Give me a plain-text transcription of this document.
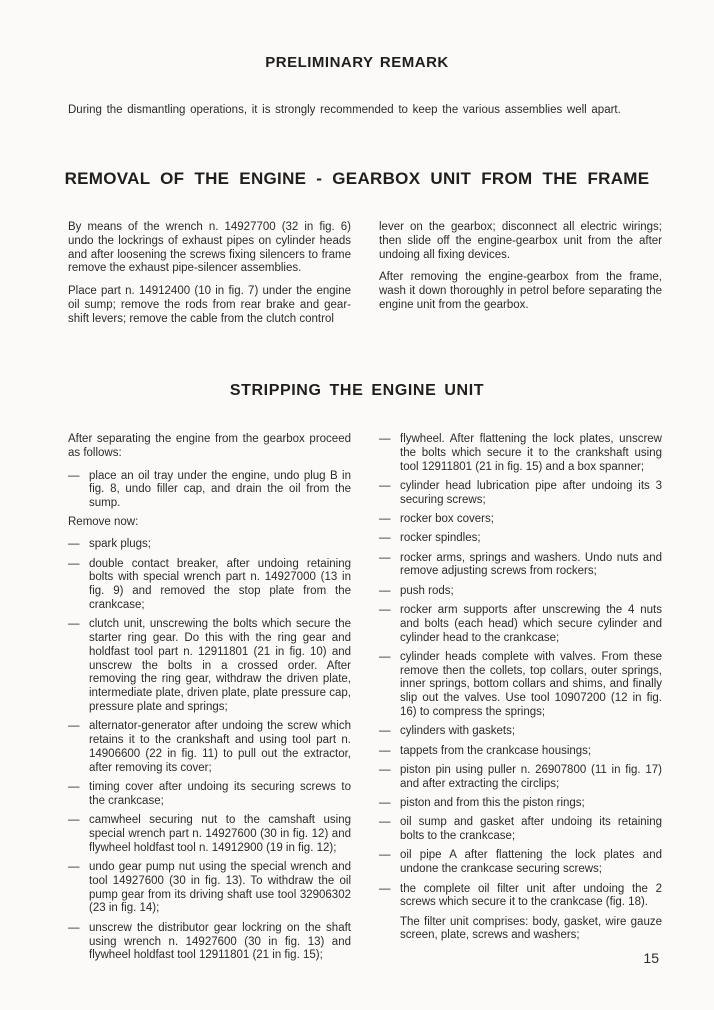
PRELIMINARY REMARK
During the dismantling operations, it is strongly recommended to keep the various assemblies well apart.
REMOVAL OF THE ENGINE - GEARBOX UNIT FROM THE FRAME

By means of the wrench n. 14927700 (32 in fig. 6) undo the lockrings of exhaust pipes on cylinder heads and after loosening the screws fixing silencers to frame remove the exhaust pipe-silencer assemblies.

Place part n. 14912400 (10 in fig. 7) under the engine oil sump; remove the rods from rear brake and gear-shift levers; remove the cable from the clutch control

lever on the gearbox; disconnect all electric wirings; then slide off the engine-gearbox unit from the after undoing all fixing devices.

After removing the engine-gearbox from the frame, wash it down thoroughly in petrol before separating the engine unit from the gearbox.

STRIPPING THE ENGINE UNIT

After separating the engine from the gearbox proceed as follows:

— place an oil tray under the engine, undo plug B in fig. 8, undo filler cap, and drain the oil from the sump.

Remove now:

— spark plugs;
— double contact breaker, after undoing retaining bolts with special wrench part n. 14927000 (13 in fig. 9) and removed the stop plate from the crankcase;
— clutch unit, unscrewing the bolts which secure the starter ring gear. Do this with the ring gear and holdfast tool part n. 12911801 (21 in fig. 10) and unscrew the bolts in a crossed order. After removing the ring gear, withdraw the driven plate, intermediate plate, driven plate, plate pressure cap, pressure plate and springs;
— alternator-generator after undoing the screw which retains it to the crankshaft and using tool part n. 14906600 (22 in fig. 11) to pull out the extractor, after removing its cover;
— timing cover after undoing its securing screws to the crankcase;
— camwheel securing nut to the camshaft using special wrench part n. 14927600 (30 in fig. 12) and flywheel holdfast tool n. 14912900 (19 in fig. 12);
— undo gear pump nut using the special wrench and tool 14927600 (30 in fig. 13). To withdraw the oil pump gear from its driving shaft use tool 32906302 (23 in fig. 14);
— unscrew the distributor gear lockring on the shaft using wrench n. 14927600 (30 in fig. 13) and flywheel holdfast tool 12911801 (21 in fig. 15);
— flywheel. After flattening the lock plates, unscrew the bolts which secure it to the crankshaft using tool 12911801 (21 in fig. 15) and a box spanner;
— cylinder head lubrication pipe after undoing its 3 securing screws;
— rocker box covers;
— rocker spindles;
— rocker arms, springs and washers. Undo nuts and remove adjusting screws from rockers;
— push rods;
— rocker arm supports after unscrewing the 4 nuts and bolts (each head) which secure cylinder and cylinder head to the crankcase;
— cylinder heads complete with valves. From these remove then the collets, top collars, outer springs, inner springs, bottom collars and shims, and finally slip out the valves. Use tool 10907200 (12 in fig. 16) to compress the springs;
— cylinders with gaskets;
— tappets from the crankcase housings;
— piston pin using puller n. 26907800 (11 in fig. 17) and after extracting the circlips;
— piston and from this the piston rings;
— oil sump and gasket after undoing its retaining bolts to the crankcase;
— oil pipe A after flattening the lock plates and undone the crankcase securing screws;
— the complete oil filter unit after undoing the 2 screws which secure it to the crankcase (fig. 18).

The filter unit comprises: body, gasket, wire gauze screen, plate, screws and washers;

15
